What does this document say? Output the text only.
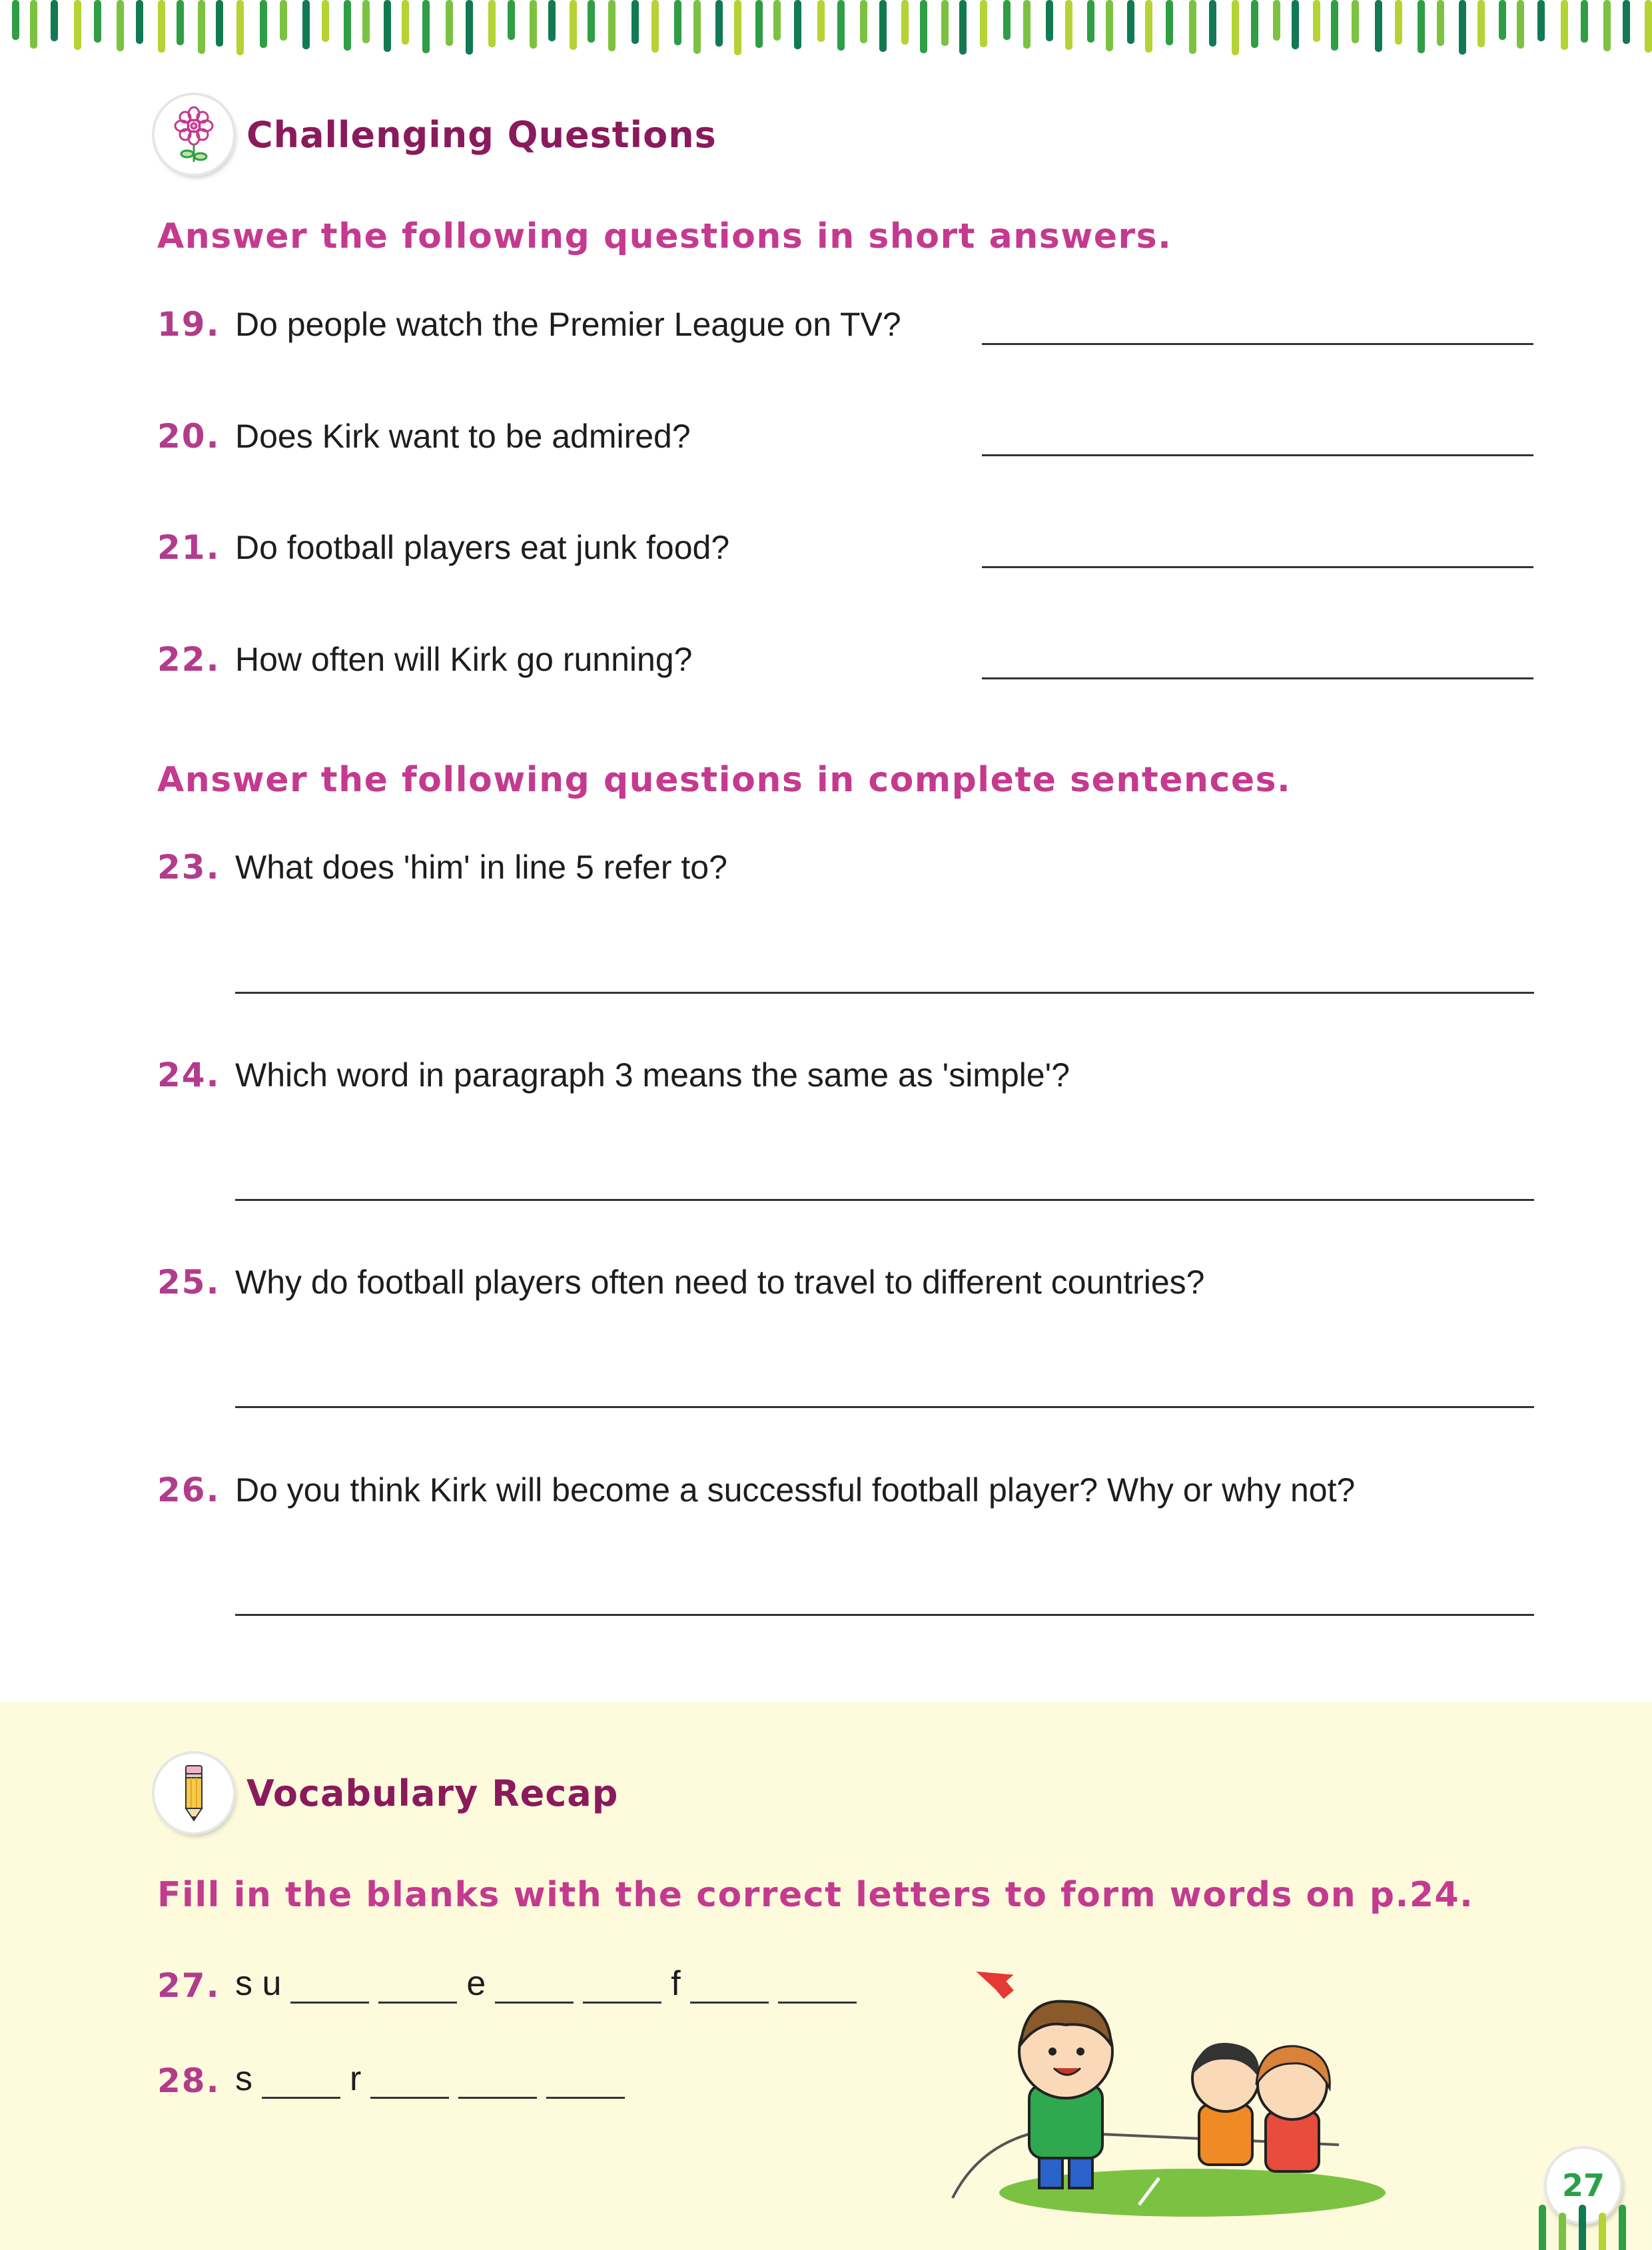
Challenging Questions
Answer the following questions in short answers.
19. Do people watch the Premier League on TV?
20. Does Kirk want to be admired?
21. Do football players eat junk food?
22. How often will Kirk go running?
Answer the following questions in complete sentences.
23. What does 'him' in line 5 refer to?
24. Which word in paragraph 3 means the same as 'simple'?
25. Why do football players often need to travel to different countries?
26. Do you think Kirk will become a successful football player? Why or why not?
Vocabulary Recap
Fill in the blanks with the correct letters to form words on p.24.
27. s u	e	f
28. s	r
27
